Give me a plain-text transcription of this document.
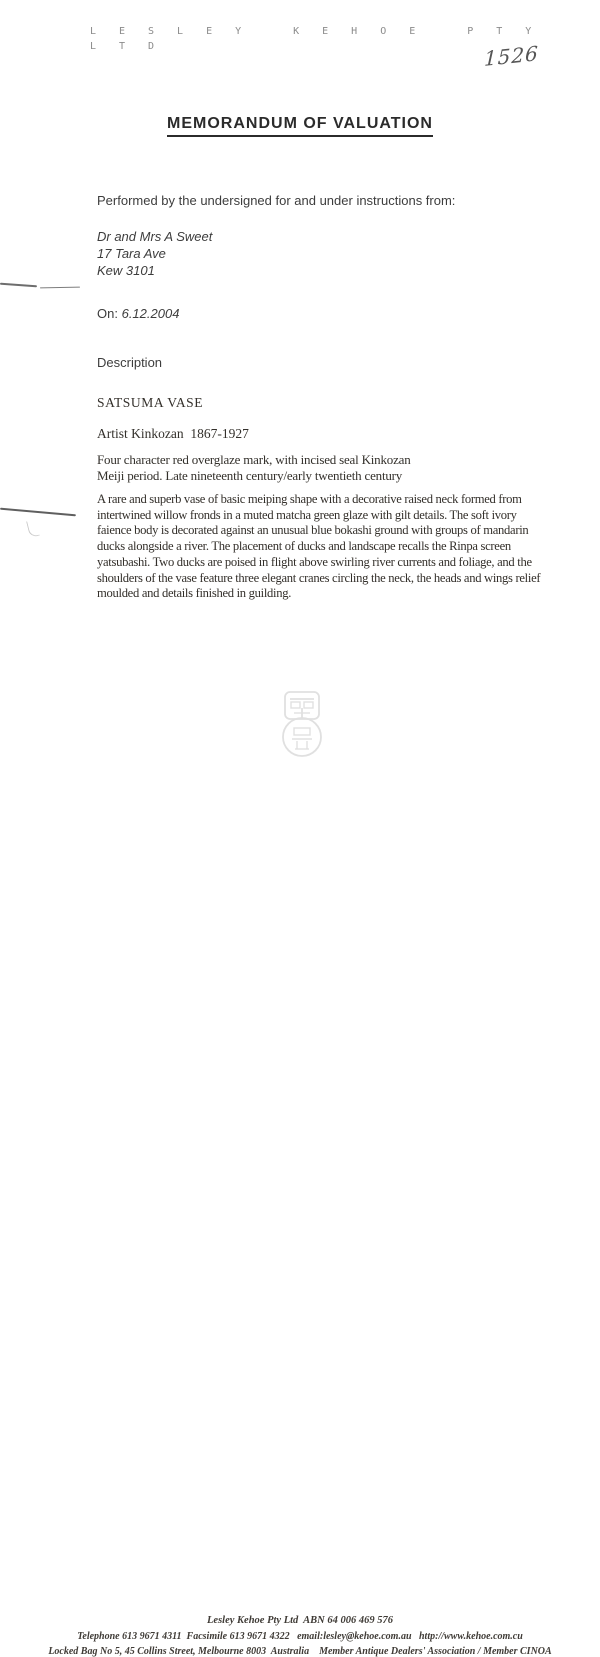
LESLEY KEHOE PTY
LTD	1526
MEMORANDUM OF VALUATION

Performed by the undersigned for and under instructions from:

Dr and Mrs A Sweet
17 Tara Ave
Kew 3101

On: 6.12.2004

Description

SATSUMA VASE
Artist Kinkozan  1867-1927
Four character red overglaze mark, with incised seal Kinkozan
Meiji period. Late nineteenth century/early twentieth century

A rare and superb vase of basic meiping shape with a decorative raised neck formed from intertwined willow fronds in a muted matcha green glaze with gilt details. The soft ivory faience body is decorated against an unusual blue bokashi ground with groups of mandarin ducks alongside a river. The placement of ducks and landscape recalls the Rinpa screen yatsubashi. Two ducks are poised in flight above swirling river currents and foliage, and the shoulders of the vase feature three elegant cranes circling the neck, the heads and wings relief moulded and details finished in guilding.

Lesley Kehoe Pty Ltd  ABN 64 006 469 576
Telephone 613 9671 4311  Facsimile 613 9671 4322   email:lesley@kehoe.com.au   http://www.kehoe.com.cu
Locked Bag No 5, 45 Collins Street, Melbourne 8003  Australia    Member Antique Dealers' Association / Member CINOA
